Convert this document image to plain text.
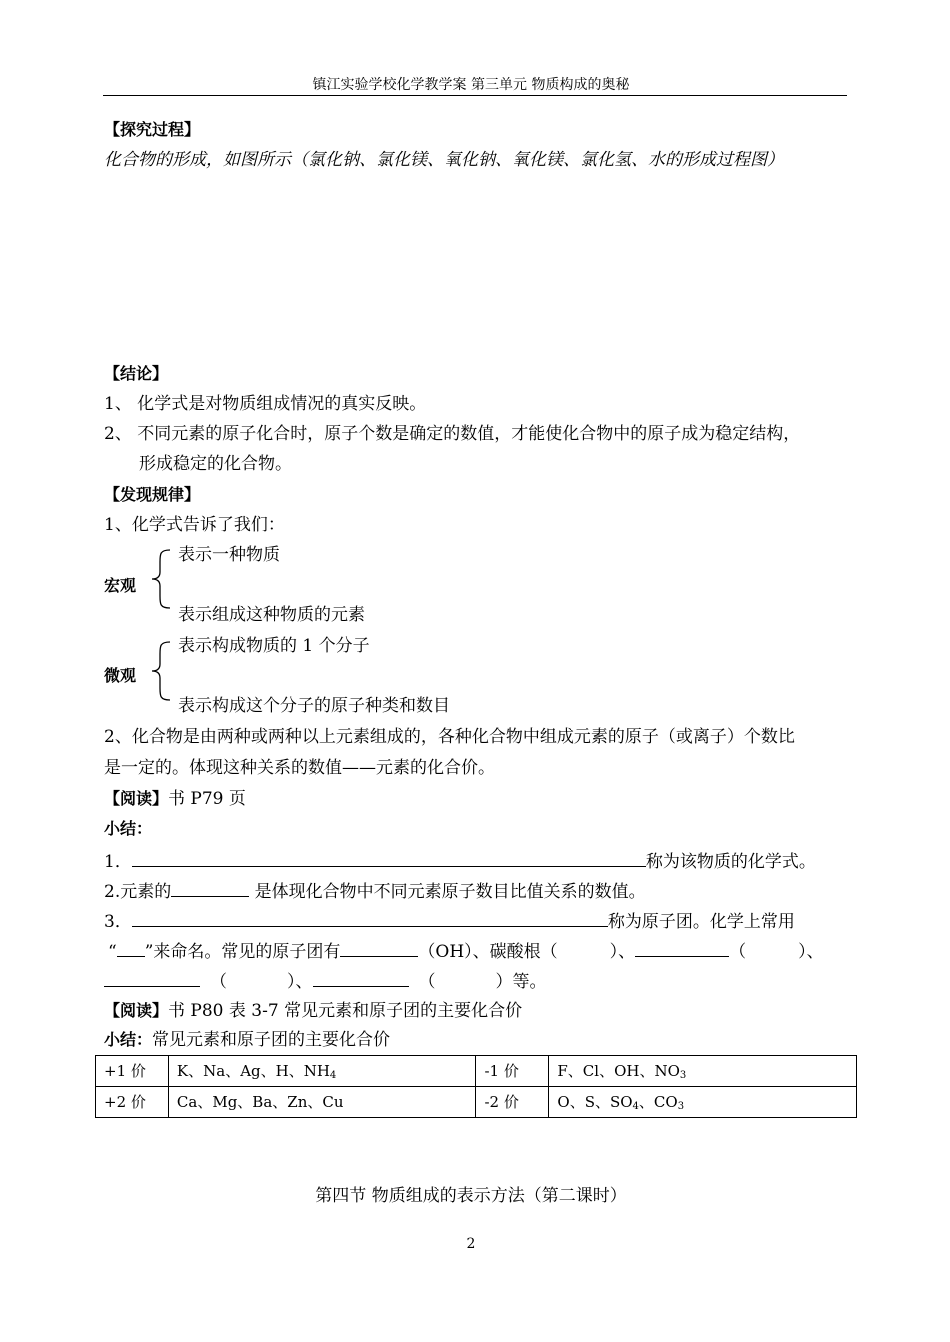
镇江实验学校化学教学案 第三单元 物质构成的奥秘
【探究过程】
化合物的形成，如图所示（氯化钠、氯化镁、氧化钠、氧化镁、氯化氢、水的形成过程图）
【结论】
1、 化学式是对物质组成情况的真实反映。
2、 不同元素的原子化合时，原子个数是确定的数值，才能使化合物中的原子成为稳定结构，
形成稳定的化合物。
【发现规律】
1、化学式告诉了我们：
表示一种物质
宏观
表示组成这种物质的元素
表示构成物质的 1 个分子
微观
表示构成这个分子的原子种类和数目
2、化合物是由两种或两种以上元素组成的，各种化合物中组成元素的原子（或离子）个数比
是一定的。体现这种关系的数值——元素的化合价。
【阅读】书 P79 页
小结：
1．	称为该物质的化学式。
2.元素的	是体现化合物中不同元素原子数目比值关系的数值。
3．	称为原子团。化学上常用
“ ”来命名。常见的原子团有	（OH）、碳酸根（	）、	（	）、
（	）、	（	）等。
【阅读】书 P80 表 3-7 常见元素和原子团的主要化合价
小结：常见元素和原子团的主要化合价
+1 价	K、Na、Ag、H、$NH_4$	-1 价	F、Cl、OH、$NO_3$
+2 价	Ca、Mg、Ba、Zn、Cu	-2 价	O、S、$SO_4$、$CO_3$
第四节 物质组成的表示方法（第二课时）
2
